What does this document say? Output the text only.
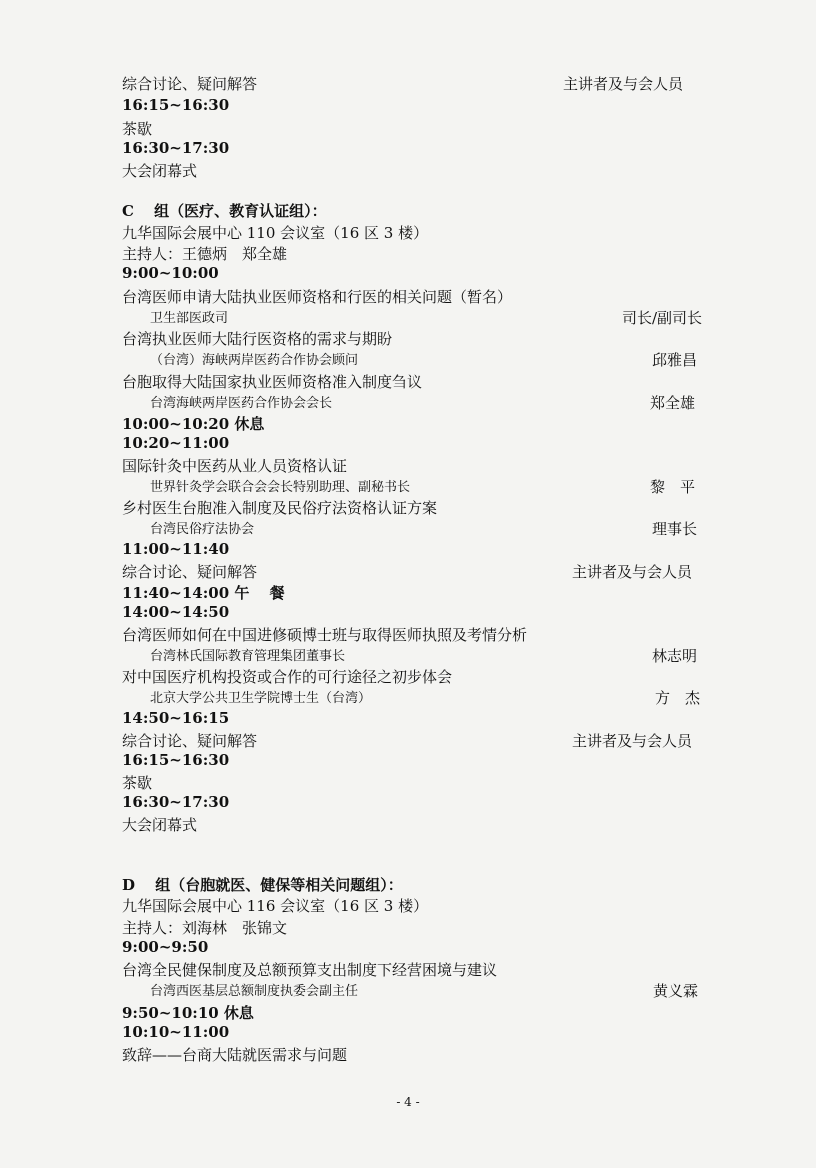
综合讨论、疑问解答	主讲者及与会人员
16:15~16:30
茶歇
16:30~17:30
大会闭幕式
C　 组（医疗、教育认证组）：
九华国际会展中心 110 会议室（16 区 3 楼）
主持人：王德炳　郑全雄
9:00~10:00
台湾医师申请大陆执业医师资格和行医的相关问题（暂名）
卫生部医政司	司长/副司长
台湾执业医师大陆行医资格的需求与期盼
（台湾）海峡两岸医药合作协会顾问	邱雅昌
台胞取得大陆国家执业医师资格准入制度刍议
台湾海峡两岸医药合作协会会长	郑全雄
10:00~10:20 休息
10:20~11:00
国际针灸中医药从业人员资格认证
世界针灸学会联合会会长特别助理、副秘书长	黎　平
乡村医生台胞准入制度及民俗疗法资格认证方案
台湾民俗疗法协会	理事长
11:00~11:40
综合讨论、疑问解答	主讲者及与会人员
11:40~14:00 午　 餐
14:00~14:50
台湾医师如何在中国进修硕博士班与取得医师执照及考情分析
台湾林氏国际教育管理集团董事长	林志明
对中国医疗机构投资或合作的可行途径之初步体会
北京大学公共卫生学院博士生（台湾）	方　杰
14:50~16:15
综合讨论、疑问解答	主讲者及与会人员
16:15~16:30
茶歇
16:30~17:30
大会闭幕式
D　 组（台胞就医、健保等相关问题组）：
九华国际会展中心 116 会议室（16 区 3 楼）
主持人：刘海林　张锦文
9:00~9:50
台湾全民健保制度及总额预算支出制度下经营困境与建议
台湾西医基层总额制度执委会副主任	黄义霖
9:50~10:10 休息
10:10~11:00
致辞——台商大陆就医需求与问题
- 4 -
